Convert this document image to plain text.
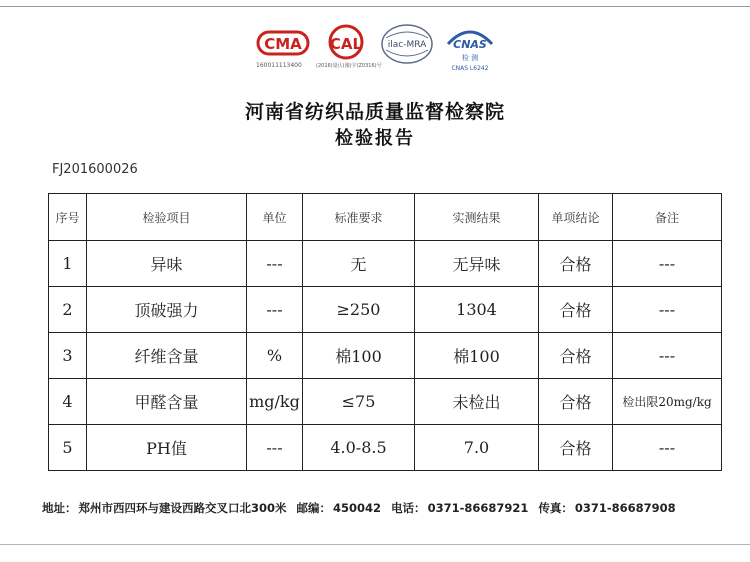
CMA
160011113400
CAL
(2016)量认(豫)字(Z0316)号
ilac-MRA CNAS
检 测
CNAS L6242
河南省纺织品质量监督检察院
检验报告
FJ201600026
序号	检验项目	单位	标准要求	实测结果	单项结论	备注
1	异味	---	无	无异味	合格	---
2	顶破强力	---	≥250	1304	合格	---
3	纤维含量	%	棉100	棉100	合格	---
4	甲醛含量	mg/kg	≤75	未检出	合格	检出限20mg/kg
5	PH值	---	4.0-8.5	7.0	合格	---
地址： 郑州市西四环与建设西路交叉口北300米 邮编： 450042 电话： 0371-86687921 传真： 0371-86687908
